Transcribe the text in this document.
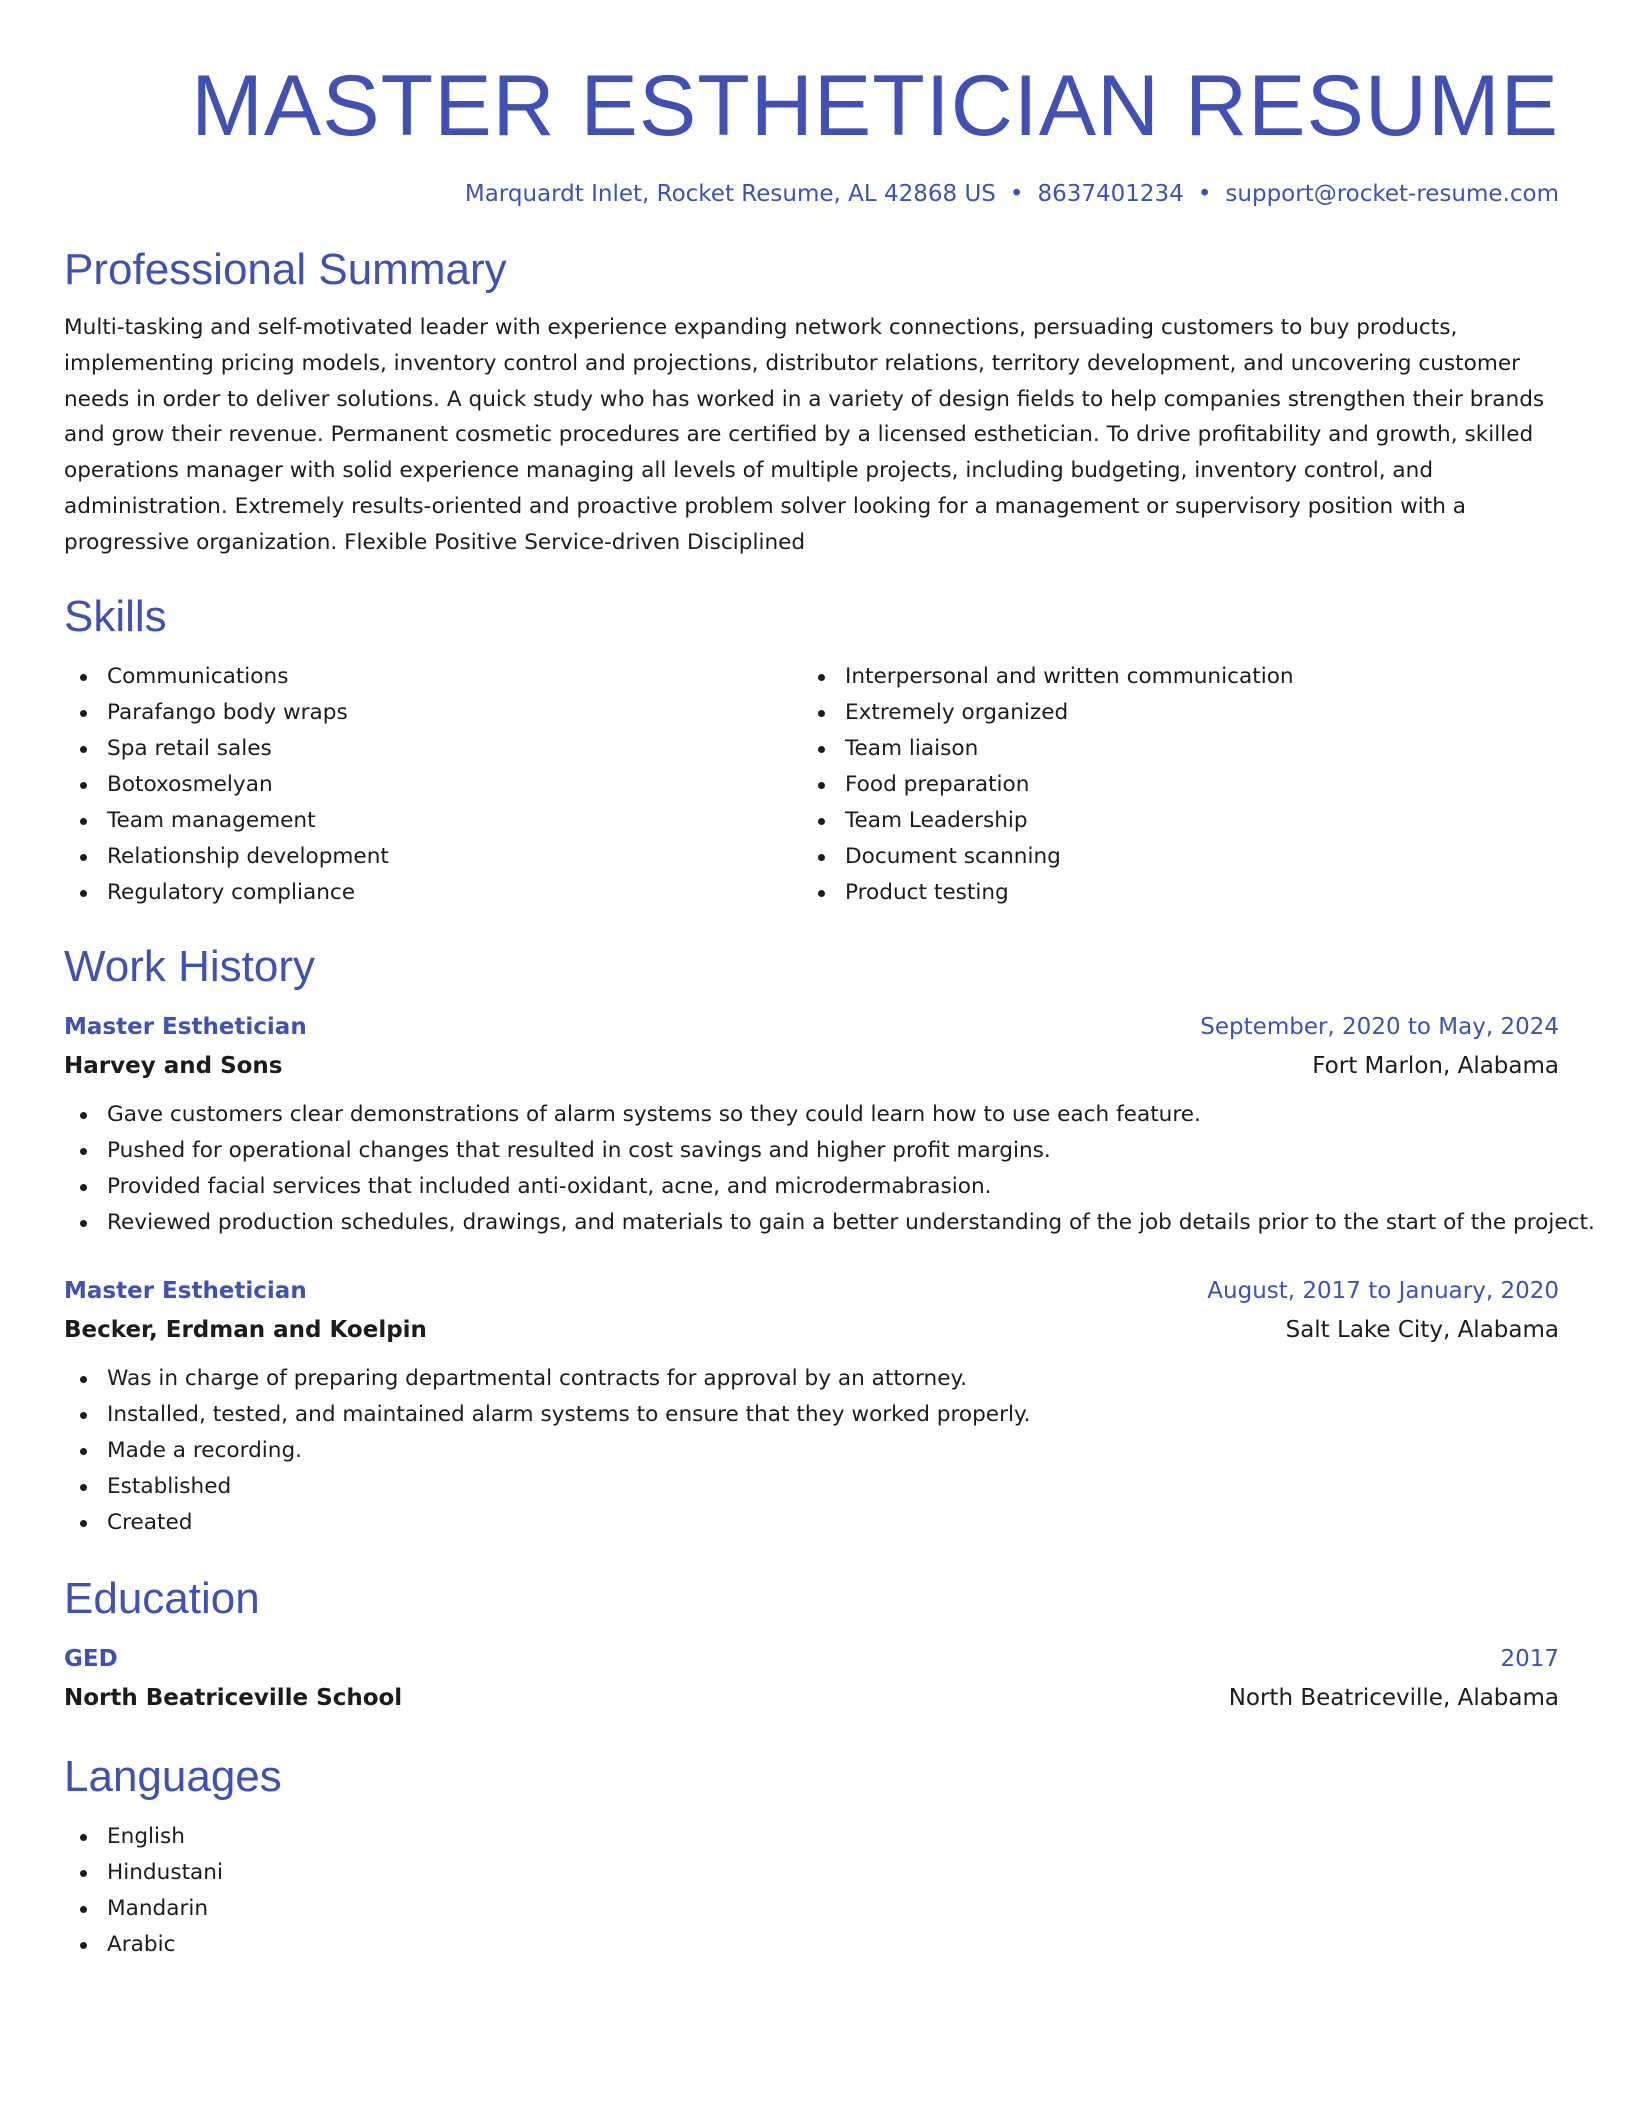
MASTER ESTHETICIAN RESUME
Marquardt Inlet, Rocket Resume, AL 42868 US • 8637401234 • support@rocket-resume.com
Professional Summary

Multi-tasking and self-motivated leader with experience expanding network connections, persuading customers to buy products, implementing pricing models, inventory control and projections, distributor relations, territory development, and uncovering customer needs in order to deliver solutions. A quick study who has worked in a variety of design fields to help companies strengthen their brands and grow their revenue. Permanent cosmetic procedures are certified by a licensed esthetician. To drive profitability and growth, skilled operations manager with solid experience managing all levels of multiple projects, including budgeting, inventory control, and administration. Extremely results-oriented and proactive problem solver looking for a management or supervisory position with a progressive organization. Flexible Positive Service-driven Disciplined

Skills
Communications
Parafango body wraps
Spa retail sales
Botoxosmelyan
Team management
Relationship development
Regulatory compliance
Interpersonal and written communication
Extremely organized
Team liaison
Food preparation
Team Leadership
Document scanning
Product testing
Work History
Master Esthetician	September, 2020 to May, 2024
Harvey and Sons	Fort Marlon, Alabama
Gave customers clear demonstrations of alarm systems so they could learn how to use each feature.
Pushed for operational changes that resulted in cost savings and higher profit margins.
Provided facial services that included anti-oxidant, acne, and microdermabrasion.
Reviewed production schedules, drawings, and materials to gain a better understanding of the job details prior to the start of the project.
Master Esthetician	August, 2017 to January, 2020
Becker, Erdman and Koelpin	Salt Lake City, Alabama
Was in charge of preparing departmental contracts for approval by an attorney.
Installed, tested, and maintained alarm systems to ensure that they worked properly.
Made a recording.
Established
Created
Education
GED	2017
North Beatriceville School	North Beatriceville, Alabama
Languages
English
Hindustani
Mandarin
Arabic
